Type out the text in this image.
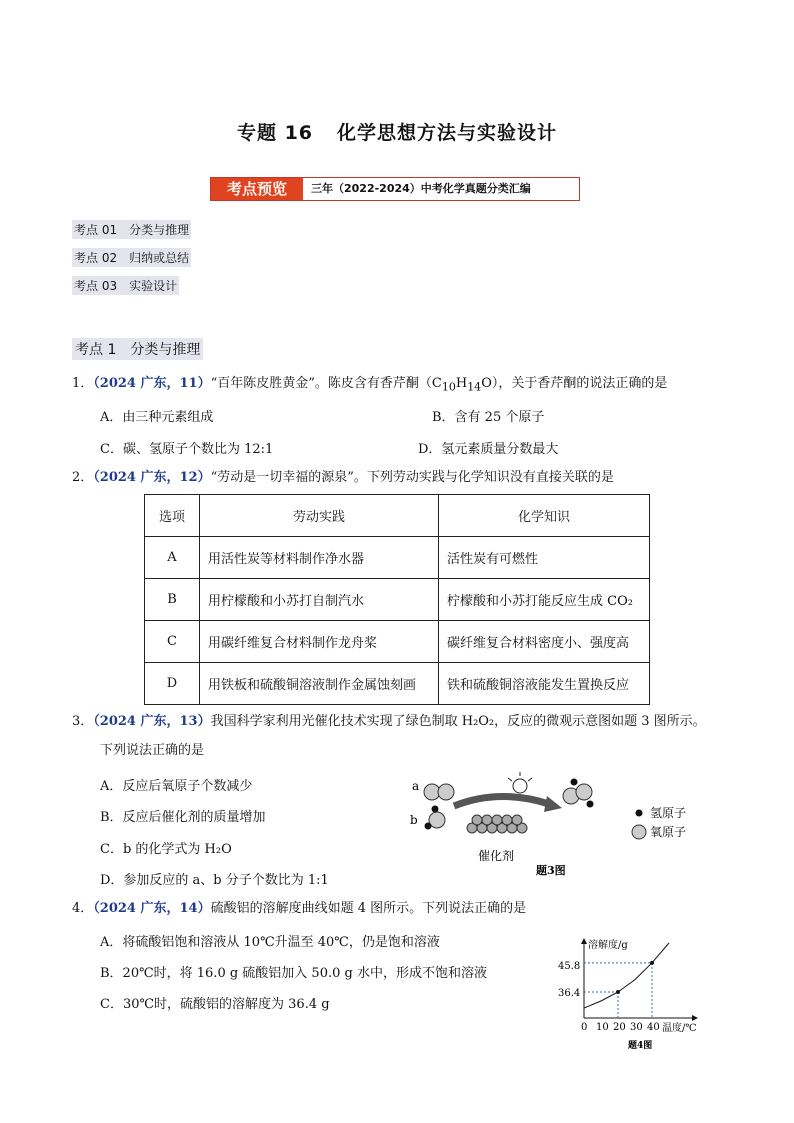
专题 16 化学思想方法与实验设计
考点预览	三年（2022-2024）中考化学真题分类汇编
考点 01　分类与推理
考点 02　归纳或总结
考点 03　实验设计
考点 1　分类与推理
1．（2024 广东，11）“百年陈皮胜黄金”。陈皮含有香芹酮$(C_{10}H_{14}O)$，关于香芹酮的说法正确的是
A．由三种元素组成	B．含有 25 个原子
C．碳、氢原子个数比为 12:1	D．氢元素质量分数最大
2．（2024 广东，12）“劳动是一切幸福的源泉”。下列劳动实践与化学知识没有直接关联的是
选项	劳动实践	化学知识
A	用活性炭等材料制作净水器	活性炭有可燃性
B	用柠檬酸和小苏打自制汽水	柠檬酸和小苏打能反应生成 CO₂
C	用碳纤维复合材料制作龙舟桨	碳纤维复合材料密度小、强度高
D	用铁板和硫酸铜溶液制作金属蚀刻画	铁和硫酸铜溶液能发生置换反应
3．（2024 广东，13）我国科学家利用光催化技术实现了绿色制取 H₂O₂，反应的微观示意图如题 3 图所示。
下列说法正确的是
A．反应后氧原子个数减少
B．反应后催化剂的质量增加
C．b 的化学式为 H₂O
D．参加反应的 a、b 分子个数比为 1:1
a
b
催化剂
氢原子
氧原子
题3图
4．（2024 广东，14）硫酸铝的溶解度曲线如题 4 图所示。下列说法正确的是
A．将硫酸铝饱和溶液从 10℃升温至 40℃，仍是饱和溶液
B．20℃时，将 16.0 g 硫酸铝加入 50.0 g 水中，形成不饱和溶液
C．30℃时，硫酸铝的溶解度为 36.4 g
溶解度/g
温度/℃
45.8
36.4
0 10 20 30 40
题4图
